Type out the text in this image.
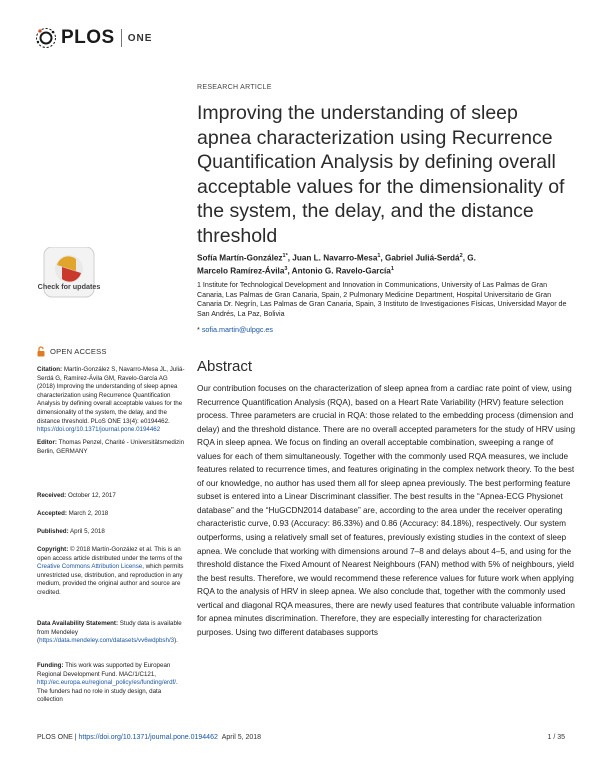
PLOS ONE
Check for updates
RESEARCH ARTICLE
Improving the understanding of sleep apnea characterization using Recurrence Quantification Analysis by defining overall acceptable values for the dimensionality of the system, the delay, and the distance threshold
Sofía Martín-González$^{1*}$, Juan L. Navarro-Mesa$^1$, Gabriel Juliá-Serdá$^2$, G.
Marcelo Ramírez-Ávila$^3$, Antonio G. Ravelo-García$^1$
1 Institute for Technological Development and Innovation in Communications, University of Las Palmas de Gran Canaria, Las Palmas de Gran Canaria, Spain, 2 Pulmonary Medicine Department, Hospital Universitario de Gran Canaria Dr. Negrín, Las Palmas de Gran Canaria, Spain, 3 Instituto de Investigaciones Físicas, Universidad Mayor de San Andrés, La Paz, Bolivia
* sofia.martin@ulpgc.es
OPEN ACCESS
Citation: Martín-González S, Navarro-Mesa JL, Juliá-Serdá G, Ramírez-Ávila GM, Ravelo-García AG (2018) Improving the understanding of sleep apnea characterization using Recurrence Quantification Analysis by defining overall acceptable values for the dimensionality of the system, the delay, and the distance threshold. PLoS ONE 13(4): e0194462. https://doi.org/10.1371/journal.pone.0194462
Editor: Thomas Penzel, Charité - Universitätsmedizin Berlin, GERMANY
Received: October 12, 2017
Accepted: March 2, 2018
Published: April 5, 2018
Copyright: © 2018 Martín-González et al. This is an open access article distributed under the terms of the Creative Commons Attribution License, which permits unrestricted use, distribution, and reproduction in any medium, provided the original author and source are credited.
Data Availability Statement: Study data is available from Mendeley (https://data.mendeley.com/datasets/vv6wdpbsh/3).
Funding: This work was supported by European Regional Development Fund. MAC/1/C121, http://ec.europa.eu/regional_policy/es/funding/erdf/. The funders had no role in study design, data collection
Abstract
Our contribution focuses on the characterization of sleep apnea from a cardiac rate point of view, using Recurrence Quantification Analysis (RQA), based on a Heart Rate Variability (HRV) feature selection process. Three parameters are crucial in RQA: those related to the embedding process (dimension and delay) and the threshold distance. There are no overall accepted parameters for the study of HRV using RQA in sleep apnea. We focus on finding an overall acceptable combination, sweeping a range of values for each of them simultaneously. Together with the commonly used RQA measures, we include features related to recurrence times, and features originating in the complex network theory. To the best of our knowledge, no author has used them all for sleep apnea previously. The best performing feature subset is entered into a Linear Discriminant classifier. The best results in the “Apnea-ECG Physionet database” and the “HuGCDN2014 database” are, according to the area under the receiver operating characteristic curve, 0.93 (Accuracy: 86.33%) and 0.86 (Accuracy: 84.18%), respectively. Our system outperforms, using a relatively small set of features, previously existing studies in the context of sleep apnea. We conclude that working with dimensions around 7–8 and delays about 4–5, and using for the threshold distance the Fixed Amount of Nearest Neighbours (FAN) method with 5% of neighbours, yield the best results. Therefore, we would recommend these reference values for future work when applying RQA to the analysis of HRV in sleep apnea. We also conclude that, together with the commonly used vertical and diagonal RQA measures, there are newly used features that contribute valuable information for apnea minutes discrimination. Therefore, they are especially interesting for characterization purposes. Using two different databases supports
PLOS ONE | https://doi.org/10.1371/journal.pone.0194462 April 5, 2018	1 / 35
